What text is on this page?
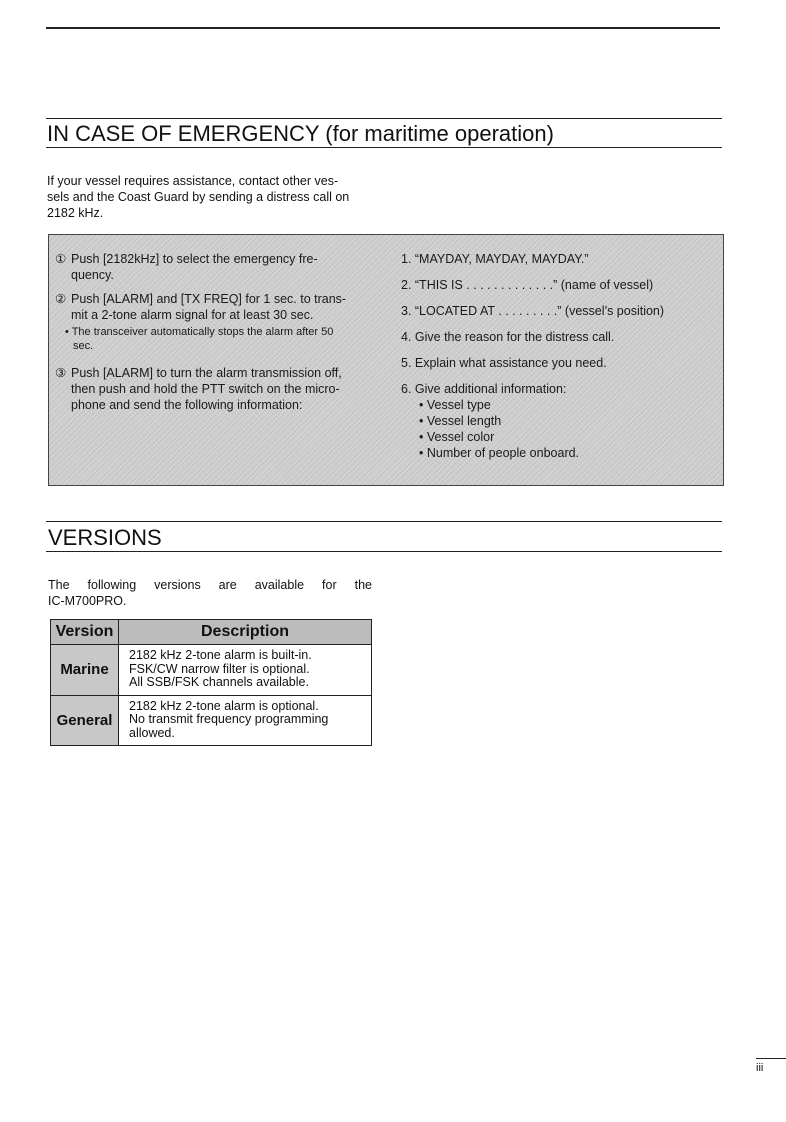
IN CASE OF EMERGENCY (for maritime operation)
If your vessel requires assistance, contact other ves-
sels and the Coast Guard by sending a distress call on
2182 kHz.
① Push [2182kHz] to select the emergency fre-
quency.
② Push [ALARM] and [TX FREQ] for 1 sec. to trans-
mit a 2-tone alarm signal for at least 30 sec.
• The transceiver automatically stops the alarm after 50
sec.
③ Push [ALARM] to turn the alarm transmission off,
then push and hold the PTT switch on the micro-
phone and send the following information:

1. “MAYDAY, MAYDAY, MAYDAY.”

2. “THIS IS . . . . . . . . . . . . .” (name of vessel)

3. “LOCATED AT . . . . . . . . .” (vessel’s position)

4. Give the reason for the distress call.

5. Explain what assistance you need.

6. Give additional information:

• Vessel type

• Vessel length

• Vessel color

• Number of people onboard.

VERSIONS
The following versions are available for the
IC-M700PRO.
Version	Description
Marine	2182 kHz 2-tone alarm is built-in.
FSK/CW narrow filter is optional.
All SSB/FSK channels available.

General	2182 kHz 2-tone alarm is optional.
No transmit frequency programming
allowed.
iii
